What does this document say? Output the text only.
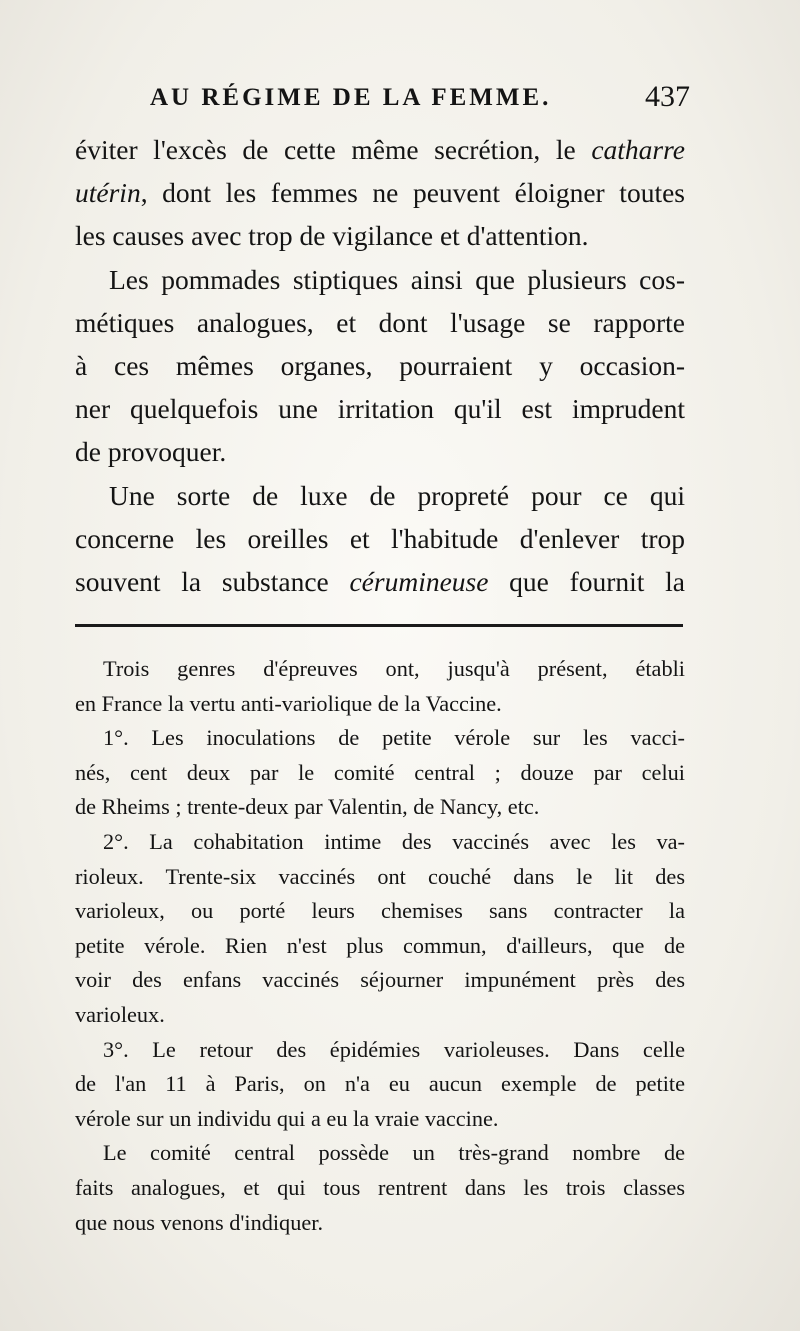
AU RÉGIME DE LA FEMME.	437
éviter l'excès de cette même secrétion, le catharre
utérin, dont les femmes ne peuvent éloigner toutes
les causes avec trop de vigilance et d'attention.
Les pommades stiptiques ainsi que plusieurs cos-
métiques analogues, et dont l'usage se rapporte
à ces mêmes organes, pourraient y occasion-
ner quelquefois une irritation qu'il est imprudent
de provoquer.
Une sorte de luxe de propreté pour ce qui
concerne les oreilles et l'habitude d'enlever trop
souvent la substance cérumineuse que fournit la
Trois genres d'épreuves ont, jusqu'à présent, établi
en France la vertu anti-variolique de la Vaccine.
1°. Les inoculations de petite vérole sur les vacci-
nés, cent deux par le comité central ; douze par celui
de Rheims ; trente-deux par Valentin, de Nancy, etc.
2°. La cohabitation intime des vaccinés avec les va-
rioleux. Trente-six vaccinés ont couché dans le lit des
varioleux, ou porté leurs chemises sans contracter la
petite vérole. Rien n'est plus commun, d'ailleurs, que de
voir des enfans vaccinés séjourner impunément près des
varioleux.
3°. Le retour des épidémies varioleuses. Dans celle
de l'an 11 à Paris, on n'a eu aucun exemple de petite
vérole sur un individu qui a eu la vraie vaccine.
Le comité central possède un très-grand nombre de
faits analogues, et qui tous rentrent dans les trois classes
que nous venons d'indiquer.
